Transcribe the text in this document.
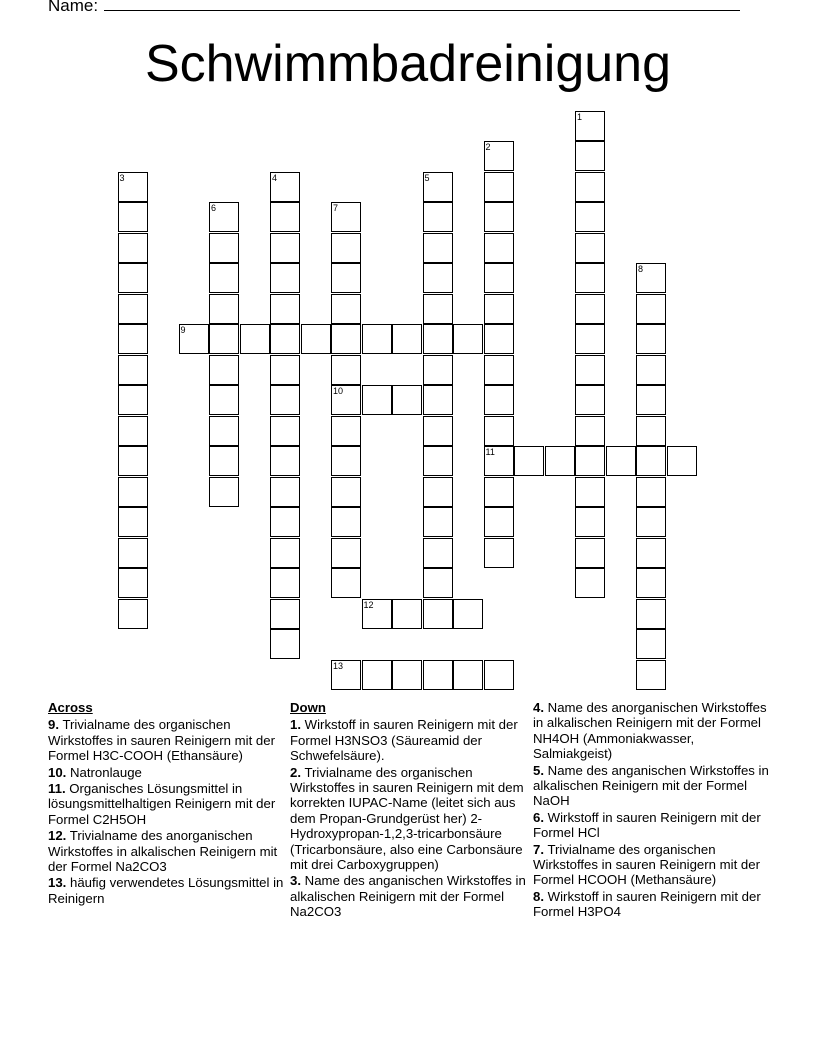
Name:
Schwimmbadreinigung
1
2
11
3	4	5
6	7
10
8
9
12
13
Across
9. Trivialname des organischen Wirkstoffes in sauren Reinigern mit der Formel H3C-COOH (Ethansäure)
10. Natronlauge
11. Organisches Lösungsmittel in lösungsmittelhaltigen Reinigern mit der Formel C2H5OH
12. Trivialname des anorganischen Wirkstoffes in alkalischen Reinigern mit der Formel Na2CO3
13. häufig verwendetes Lösungsmittel in Reinigern
Down
1. Wirkstoff in sauren Reinigern mit der Formel H3NSO3 (Säureamid der Schwefelsäure).
2. Trivialname des organischen Wirkstoffes in sauren Reinigern mit dem korrekten IUPAC-Name (leitet sich aus dem Propan-Grundgerüst her) 2-Hydroxypropan-1,2,3-tricarbonsäure (Tricarbonsäure, also eine Carbonsäure mit drei Carboxygruppen)
3. Name des anganischen Wirkstoffes in alkalischen Reinigern mit der Formel Na2CO3
4. Name des anorganischen Wirkstoffes in alkalischen Reinigern mit der Formel NH4OH (Ammoniakwasser, Salmiakgeist)
5. Name des anganischen Wirkstoffes in alkalischen Reinigern mit der Formel NaOH
6. Wirkstoff in sauren Reinigern mit der Formel HCl
7. Trivialname des organischen Wirkstoffes in sauren Reinigern mit der Formel HCOOH (Methansäure)
8. Wirkstoff in sauren Reinigern mit der Formel H3PO4
